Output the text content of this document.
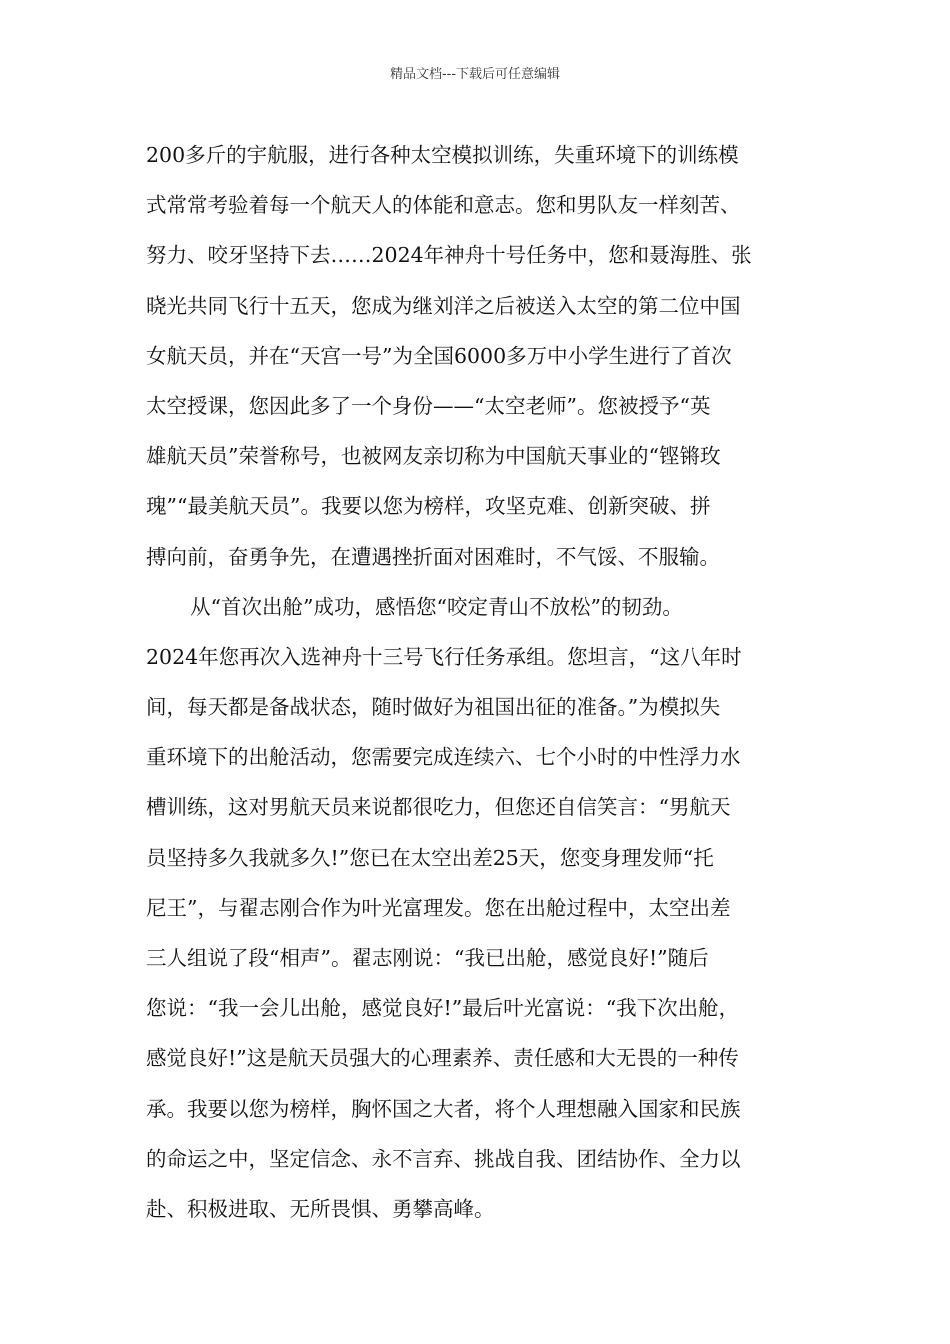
精品文档---下载后可任意编辑
200多斤的宇航服，进行各种太空模拟训练，失重环境下的训练模
式常常考验着每一个航天人的体能和意志。您和男队友一样刻苦、
努力、咬牙坚持下去……2024年神舟十号任务中，您和聂海胜、张
晓光共同飞行十五天，您成为继刘洋之后被送入太空的第二位中国
女航天员，并在“天宫一号”为全国6000多万中小学生进行了首次
太空授课，您因此多了一个身份——“太空老师”。您被授予“英
雄航天员”荣誉称号，也被网友亲切称为中国航天事业的“铿锵玫
瑰”“最美航天员”。我要以您为榜样，攻坚克难、创新突破、拼
搏向前，奋勇争先，在遭遇挫折面对困难时，不气馁、不服输。
从“首次出舱”成功，感悟您“咬定青山不放松”的韧劲。
2024年您再次入选神舟十三号飞行任务承组。您坦言，“这八年时
间，每天都是备战状态，随时做好为祖国出征的准备。”为模拟失
重环境下的出舱活动，您需要完成连续六、七个小时的中性浮力水
槽训练，这对男航天员来说都很吃力，但您还自信笑言：“男航天
员坚持多久我就多久!”您已在太空出差25天，您变身理发师“托
尼王”，与翟志刚合作为叶光富理发。您在出舱过程中，太空出差
三人组说了段“相声”。翟志刚说：“我已出舱，感觉良好!”随后
您说：“我一会儿出舱，感觉良好!”最后叶光富说：“我下次出舱，
感觉良好!”这是航天员强大的心理素养、责任感和大无畏的一种传
承。我要以您为榜样，胸怀国之大者，将个人理想融入国家和民族
的命运之中，坚定信念、永不言弃、挑战自我、团结协作、全力以
赴、积极进取、无所畏惧、勇攀高峰。
